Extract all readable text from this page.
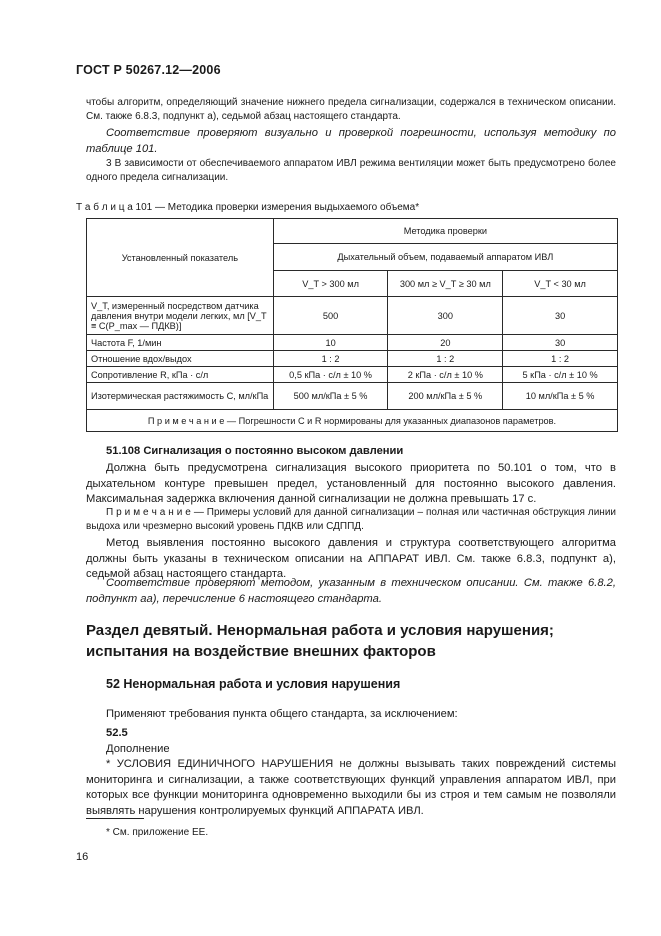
ГОСТ Р 50267.12—2006
чтобы алгоритм, определяющий значение нижнего предела сигнализации, содержался в техническом описании. См. также 6.8.3, подпункт а), седьмой абзац настоящего стандарта.
Соответствие проверяют визуально и проверкой погрешности, используя методику по таблице 101.
3 В зависимости от обеспечиваемого аппаратом ИВЛ режима вентиляции может быть предусмотрено более одного предела сигнализации.
Т а б л и ц а 101 — Методика проверки измерения выдыхаемого объема*
Установленный показатель	Методика проверки		
	Дыхательный объем, подаваемый аппаратом ИВЛ		
	V_T > 300 мл	300 мл ≥ V_T ≥ 30 мл	V_T < 30 мл
V_T, измеренный посредством датчика давления внутри модели легких, мл [V_T ≡ C(P_max — ПДКВ)]	500	300	30
Частота F, 1/мин	10	20	30
Отношение вдох/выдох	1 : 2	1 : 2	1 : 2
Сопротивление R, кПа · с/л	0,5 кПа · с/л ± 10 %	2 кПа · с/л ± 10 %	5 кПа · с/л ± 10 %
Изотермическая растяжимость C, мл/кПа	500 мл/кПа ± 5 %	200 мл/кПа ± 5 %	10 мл/кПа ± 5 %
П р и м е ч а н и е — Погрешности C и R нормированы для указанных диапазонов параметров.			
51.108 Сигнализация о постоянно высоком давлении
Должна быть предусмотрена сигнализация высокого приоритета по 50.101 о том, что в дыхательном контуре превышен предел, установленный для постоянно высокого давления. Максимальная задержка включения данной сигнализации не должна превышать 17 с.
П р и м е ч а н и е — Примеры условий для данной сигнализации – полная или частичная обструкция линии выдоха или чрезмерно высокий уровень ПДКВ или СДППД.
Метод выявления постоянно высокого давления и структура соответствующего алгоритма должны быть указаны в техническом описании на АППАРАТ ИВЛ. См. также 6.8.3, подпункт а), седьмой абзац настоящего стандарта.
Соответствие проверяют методом, указанным в техническом описании. См. также 6.8.2, подпункт аа), перечисление 6 настоящего стандарта.
Раздел девятый. Ненормальная работа и условия нарушения; испытания на воздействие внешних факторов
52 Ненормальная работа и условия нарушения
Применяют требования пункта общего стандарта, за исключением:
52.5
Дополнение
* УСЛОВИЯ ЕДИНИЧНОГО НАРУШЕНИЯ не должны вызывать таких повреждений системы мониторинга и сигнализации, а также соответствующих функций управления аппаратом ИВЛ, при которых все функции мониторинга одновременно выходили бы из строя и тем самым не позволяли выявлять нарушения контролируемых функций АППАРАТА ИВЛ.
* См. приложение ЕЕ.
16
